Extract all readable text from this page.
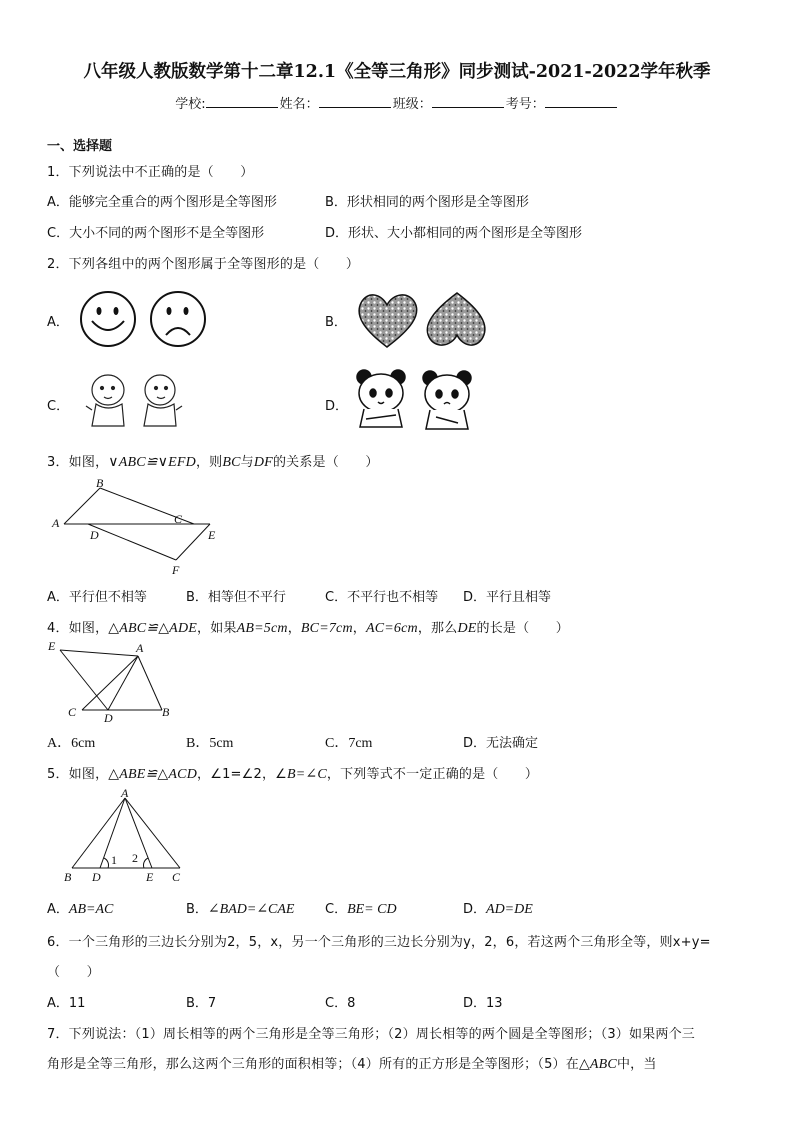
八年级人教版数学第十二章12.1《全等三角形》同步测试-2021-2022学年秋季
学校:	姓名：	班级：	考号：
一、选择题
1．下列说法中不正确的是（　　）
A．能够完全重合的两个图形是全等图形	B．形状相同的两个图形是全等图形
C．大小不同的两个图形不是全等图形	D．形状、大小都相同的两个图形是全等图形
2．下列各组中的两个图形属于全等图形的是（　　）
A．	B．
C．	D．
3．如图，∨ABC≌∨EFD，则BC与DF的关系是（　　）
A
B
C
D	E
F
A．平行但不相等	B．相等但不平行	C．不平行也不相等 D．平行且相等
4．如图，△ABC≌△ADE，如果AB=5cm，BC=7cm，AC=6cm，那么DE的长是（　　）
E	A
C D	B
A．6cm	B．5cm	C．7cm	D．无法确定
5．如图，△ABE≌△ACD，∠1=∠2，∠B=∠C，下列等式不一定正确的是（　　）
A
B D	E C
1 2
A．AB=AC	B．∠BAD=∠CAE C．BE= CD	D．AD=DE
6．一个三角形的三边长分别为2，5，x，另一个三角形的三边长分别为y，2，6，若这两个三角形全等，则x+y=
（　　）
A．11	B．7	C．8	D．13
7．下列说法：（1）周长相等的两个三角形是全等三角形；（2）周长相等的两个圆是全等图形；（3）如果两个三
角形是全等三角形，那么这两个三角形的面积相等；（4）所有的正方形是全等图形；（5）在△ABC中，当
